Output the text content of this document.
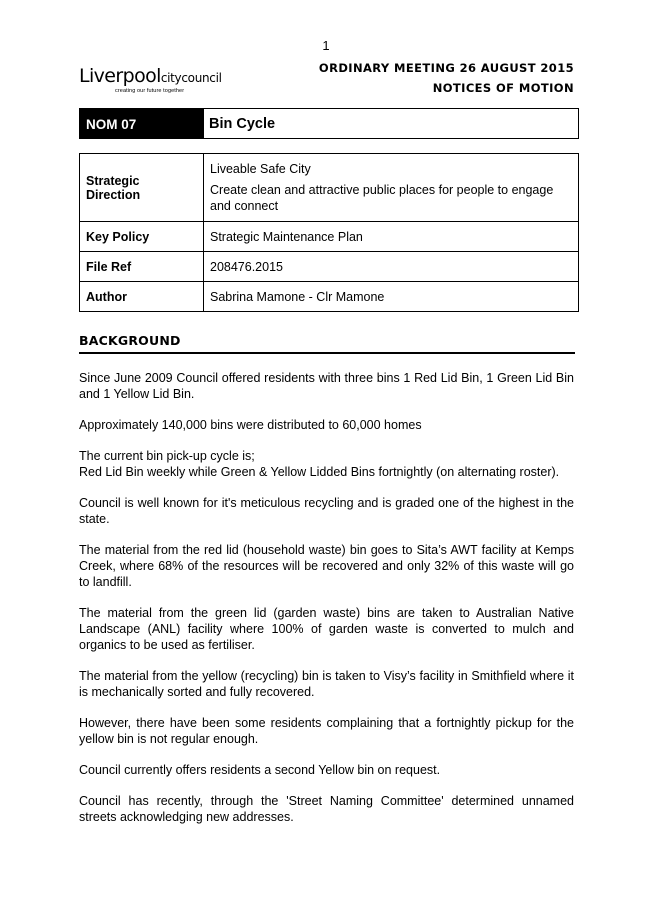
1
Liverpoolcitycouncil
creating our future together
ORDINARY MEETING 26 AUGUST 2015
NOTICES OF MOTION
NOM 07	Bin Cycle
Strategic Direction	Liveable Safe City

Create clean and attractive public places for people to engage and connect

Key Policy	Strategic Maintenance Plan
File Ref	208476.2015
Author	Sabrina Mamone - Clr Mamone
BACKGROUND

Since June 2009 Council offered residents with three bins 1 Red Lid Bin, 1 Green Lid Bin and 1 Yellow Lid Bin.

Approximately 140,000 bins were distributed to 60,000 homes

The current bin pick-up cycle is;

Red Lid Bin weekly while Green & Yellow Lidded Bins fortnightly (on alternating roster).

Council is well known for it's meticulous recycling and is graded one of the highest in the state.

The material from the red lid (household waste) bin goes to Sita’s AWT facility at Kemps Creek, where 68% of the resources will be recovered and only 32% of this waste will go to landfill.

The material from the green lid (garden waste) bins are taken to Australian Native Landscape (ANL) facility where 100% of garden waste is converted to mulch and organics to be used as fertiliser.

The material from the yellow (recycling) bin is taken to Visy’s facility in Smithfield where it is mechanically sorted and fully recovered.

However, there have been some residents complaining that a fortnightly pickup for the yellow bin is not regular enough.

Council currently offers residents a second Yellow bin on request.

Council has recently, through the 'Street Naming Committee' determined unnamed streets acknowledging new addresses.
